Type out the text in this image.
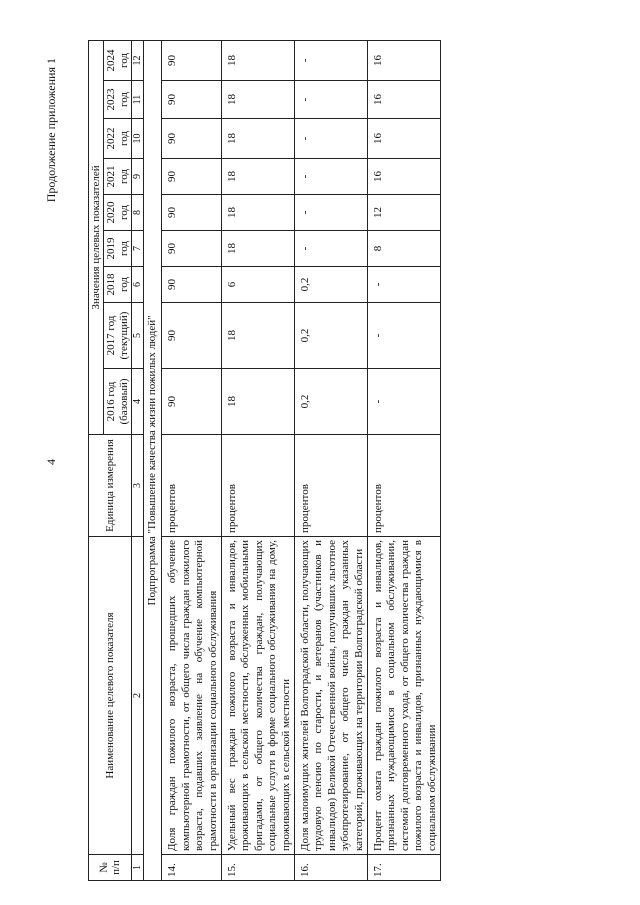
4
Продолжение приложения 1
№ п/п	Наименование целевого показателя	Единица измерения	Значения целевых показателей								
			2016 год (базовый)	2017 год (текущий)	2018 год	2019 год	2020 год	2021 год	2022 год	2023 год	2024 год
1	2	3	4	5	6	7	8	9	10	11	12
Подпрограмма "Повышение качества жизни пожилых людей"											
14.	Доля граждан пожилого возраста, прошедших обучение компьютерной грамотности, от общего числа граждан пожилого возраста, подавших заявление на обучение компьютерной грамотности в организации социального обслуживания	процентов	90	90	90	90	90	90	90	90	90
15.	Удельный вес граждан пожилого возраста и инвалидов, проживающих в сельской местности, обслуженных мобильными бригадами, от общего количества граждан, получающих социальные услуги в форме социального обслуживания на дому, проживающих в сельской местности	процентов	18	18	6	18	18	18	18	18	18
16.	Доля малоимущих жителей Волгоградской области, получающих трудовую пенсию по старости, и ветеранов (участников и инвалидов) Великой Отечественной войны, получивших льготное зубопротезирование, от общего числа граждан указанных категорий, проживающих на территории Волгоградской области	процентов	0,2	0,2	0,2	-	-	-	-	-	-
17.	Процент охвата граждан пожилого возраста и инвалидов, признанных нуждающимися в социальном обслуживании, системой долговременного ухода, от общего количества граждан пожилого возраста и инвалидов, признанных нуждающимися в социальном обслуживании	процентов	-	-	-	8	12	16	16	16	16
